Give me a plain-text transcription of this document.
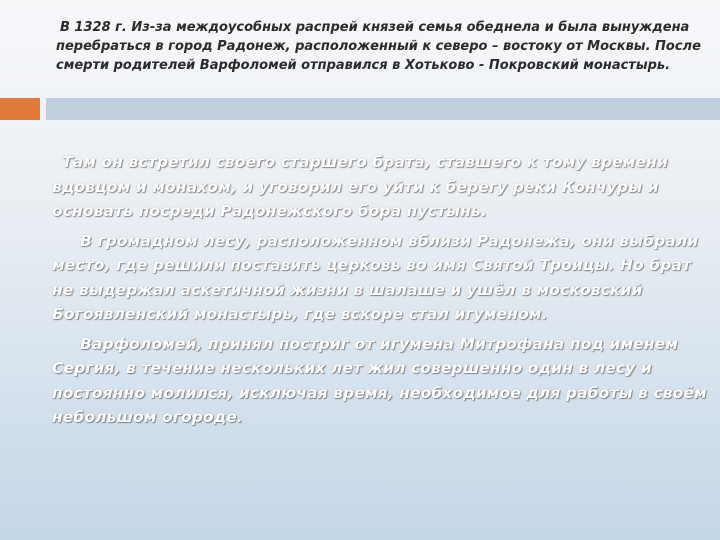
В 1328 г. Из-за междоусобных распрей князей семья обеднела и была вынуждена
перебраться в город Радонеж, расположенный к северо – востоку от Москвы. После
смерти родителей Варфоломей отправился в Хотьково - Покровский монастырь.
Там он встретил своего старшего брата, ставшего к тому времени
вдовцом и монахом, и уговорил его уйти к берегу реки Кончуры и
основать посреди Радонежского бора пустынь.
В громадном лесу, расположенном вблизи Радонежа, они выбрали
место, где решили поставить церковь во имя Святой Троицы. Но брат
не выдержал аскетичной жизни в шалаше и ушёл в московский
Богоявленский монастырь, где вскоре стал игуменом.
Варфоломей, принял постриг от игумена Митрофана под именем
Сергия, в течение нескольких лет жил совершенно один в лесу и
постоянно молился, исключая время, необходимое для работы в своём
небольшом огороде.
